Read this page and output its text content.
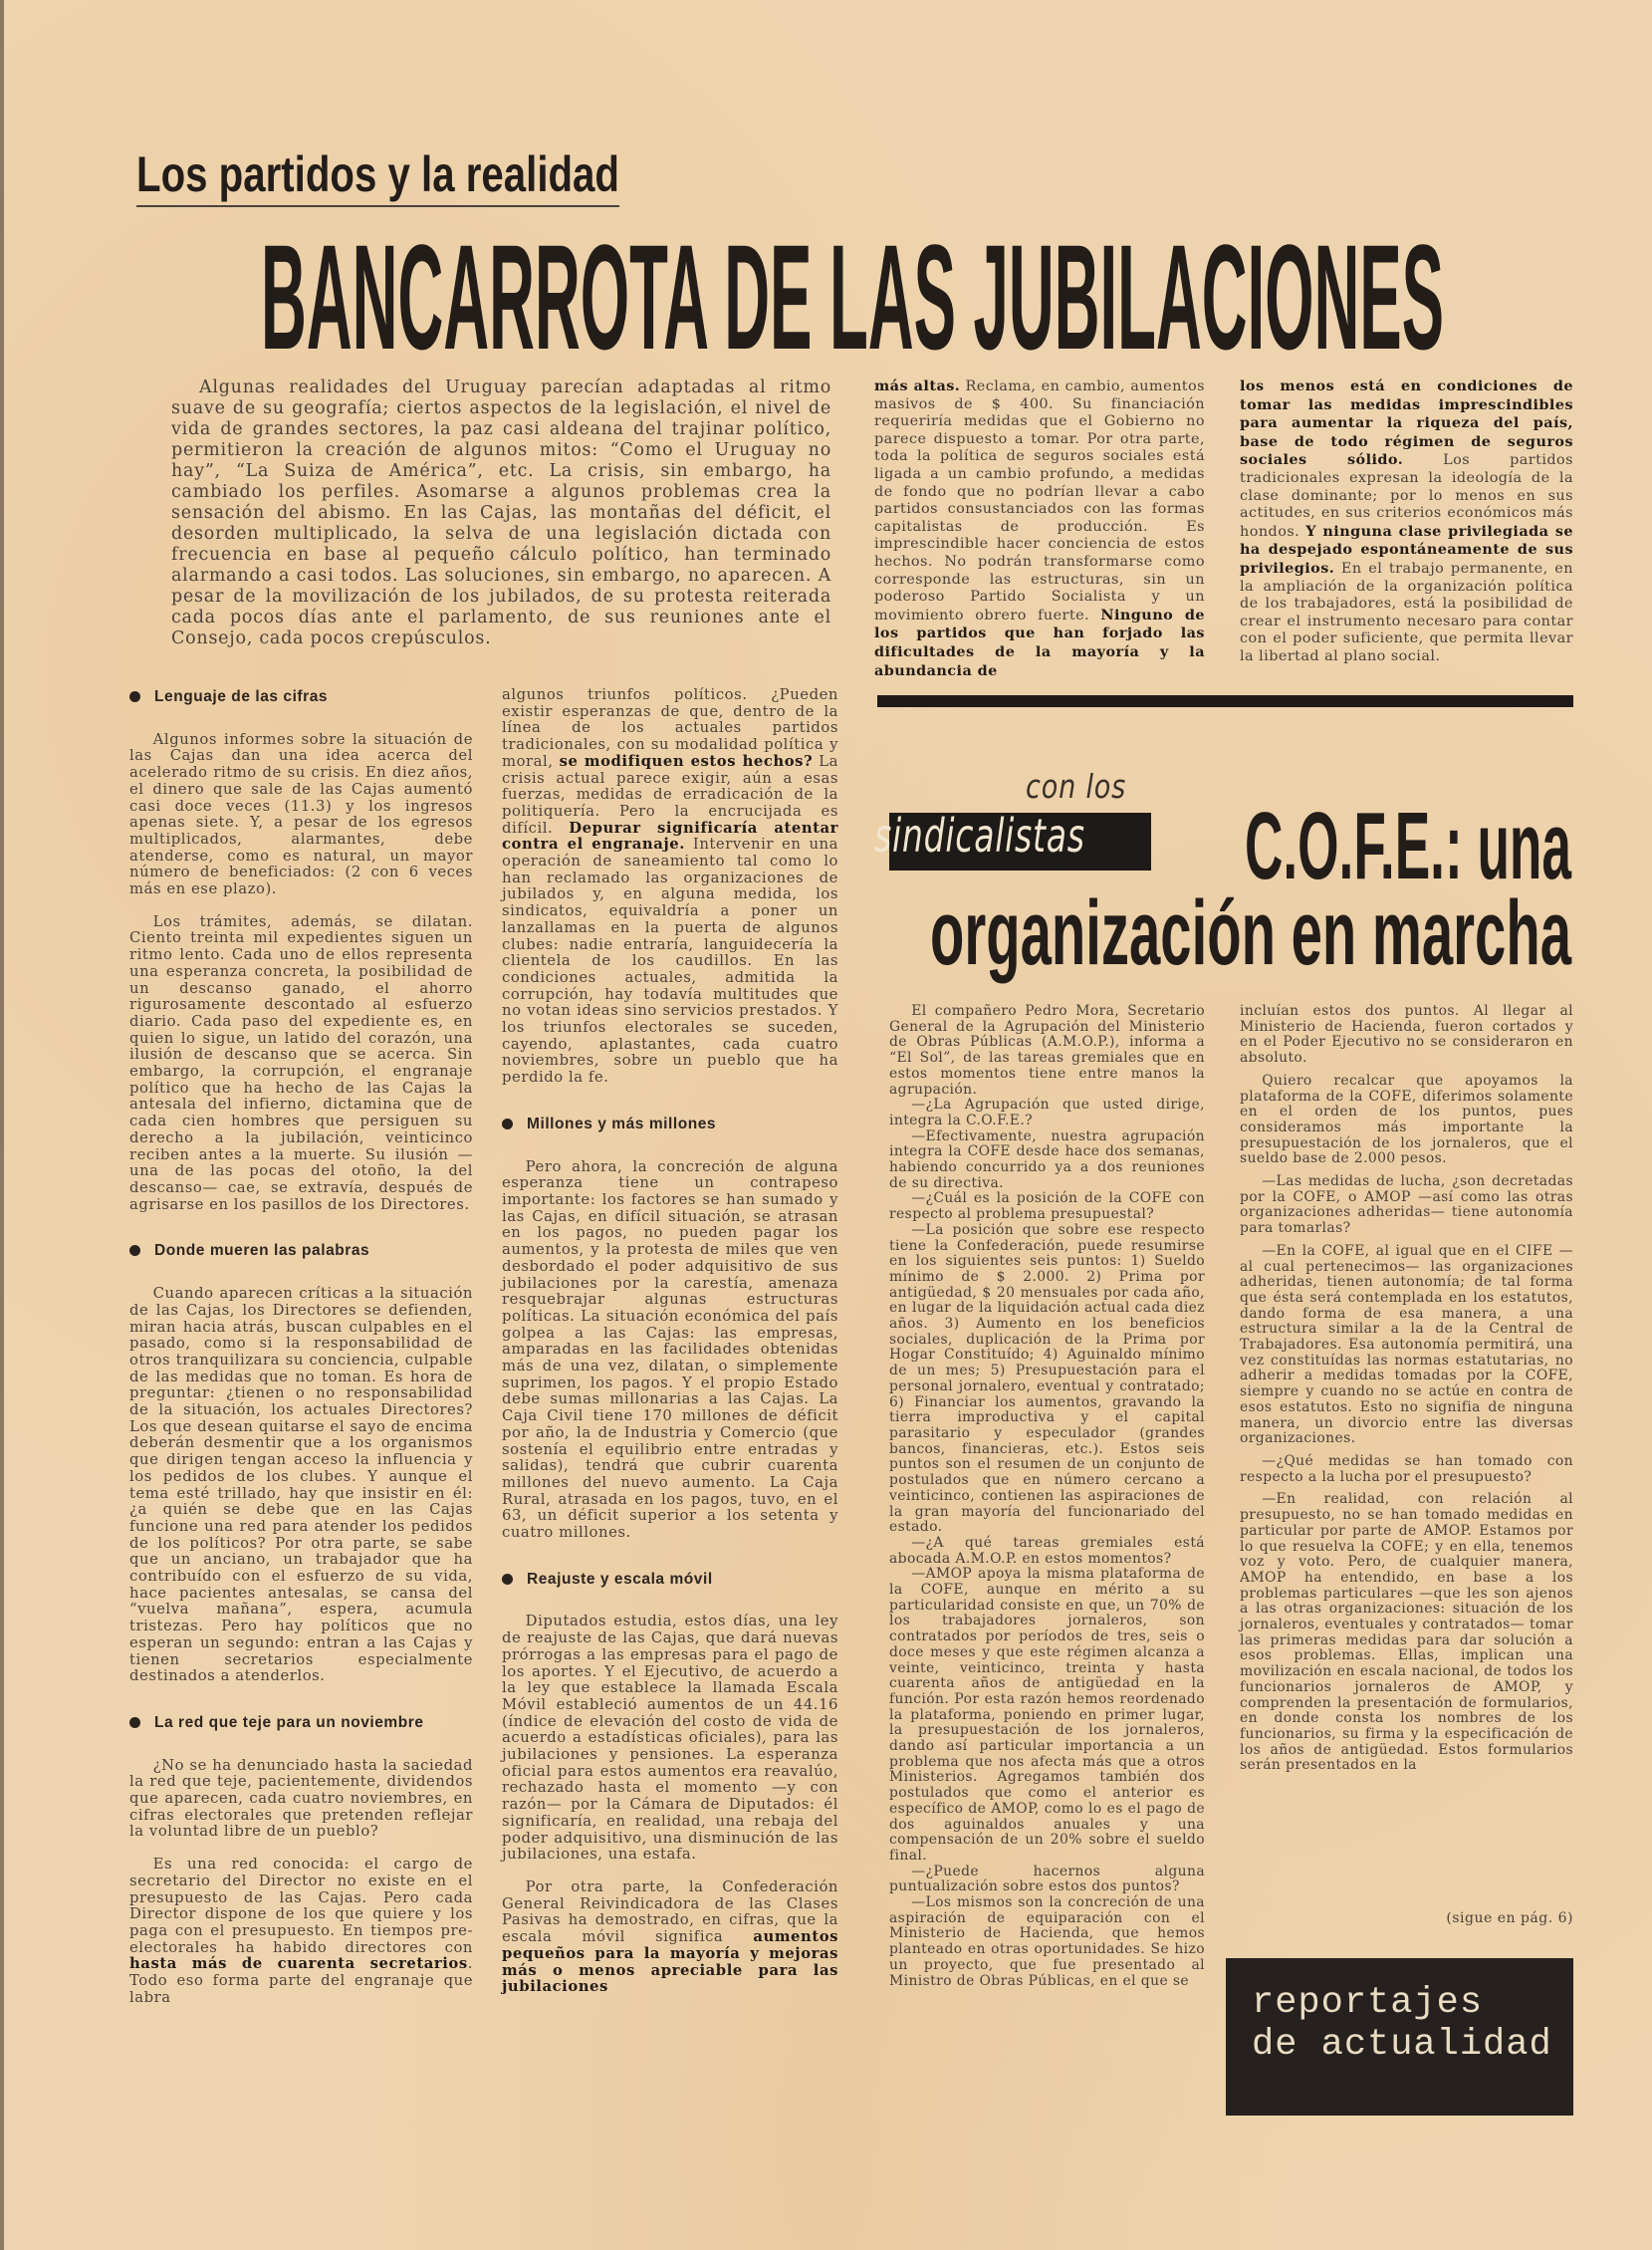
Los partidos y la realidad
BANCARROTA DE LAS JUBILACIONES

Algunas realidades del Uruguay parecían adaptadas al ritmo suave de su geografía; ciertos aspectos de la legislación, el nivel de vida de grandes sectores, la paz casi aldeana del trajinar político, permitieron la creación de algunos mitos: “Como el Uruguay no hay”, “La Suiza de América”, etc. La crisis, sin embargo, ha cambiado los perfiles. Asomarse a algunos problemas crea la sensación del abismo. En las Cajas, las montañas del déficit, el desorden multiplicado, la selva de una legislación dictada con frecuencia en base al pequeño cálculo político, han terminado alarmando a casi todos. Las soluciones, sin embargo, no aparecen. A pesar de la movilización de los jubilados, de su protesta reiterada cada pocos días ante el parlamento, de sus reuniones ante el Consejo, cada pocos crepúsculos.

más altas. Reclama, en cambio, aumentos masivos de $ 400. Su financiación requeriría medidas que el Gobierno no parece dispuesto a tomar. Por otra parte, toda la política de seguros sociales está ligada a un cambio profundo, a medidas de fondo que no podrían llevar a cabo partidos consustanciados con las formas capitalistas de producción. Es imprescindible hacer conciencia de estos hechos. No podrán transformarse como corresponde las estructuras, sin un poderoso Partido Socialista y un movimiento obrero fuerte. Ninguno de los partidos que han forjado las dificultades de la mayoría y la abundancia de

los menos está en condiciones de tomar las medidas imprescindibles para aumentar la riqueza del país, base de todo régimen de seguros sociales sólido. Los partidos tradicionales expresan la ideología de la clase dominante; por lo menos en sus actitudes, en sus criterios económicos más hondos. Y ninguna clase privilegiada se ha despejado espontáneamente de sus privilegios. En el trabajo permanente, en la ampliación de la organización política de los trabajadores, está la posibilidad de crear el instrumento necesaro para contar con el poder suficiente, que permita llevar la libertad al plano social.

Lenguaje de las cifras

Algunos informes sobre la situación de las Cajas dan una idea acerca del acelerado ritmo de su crisis. En diez años, el dinero que sale de las Cajas aumentó casi doce veces (11.3) y los ingresos apenas siete. Y, a pesar de los egresos multiplicados, alarmantes, debe atenderse, como es natural, un mayor número de beneficiados: (2 con 6 veces más en ese plazo).

Los trámites, además, se dilatan. Ciento treinta mil expedientes siguen un ritmo lento. Cada uno de ellos representa una esperanza concreta, la posibilidad de un descanso ganado, el ahorro rigurosamente descontado al esfuerzo diario. Cada paso del expediente es, en quien lo sigue, un latido del corazón, una ilusión de descanso que se acerca. Sin embargo, la corrupción, el engranaje político que ha hecho de las Cajas la antesala del infierno, dictamina que de cada cien hombres que persiguen su derecho a la jubilación, veinticinco reciben antes a la muerte. Su ilusión —una de las pocas del otoño, la del descanso— cae, se extravía, después de agrisarse en los pasillos de los Directores.

Donde mueren las palabras

Cuando aparecen críticas a la situación de las Cajas, los Directores se defienden, miran hacia atrás, buscan culpables en el pasado, como si la responsabilidad de otros tranquilizara su conciencia, culpable de las medidas que no toman. Es hora de preguntar: ¿tienen o no responsabilidad de la situación, los actuales Directores? Los que desean quitarse el sayo de encima deberán desmentir que a los organismos que dirigen tengan acceso la influencia y los pedidos de los clubes. Y aunque el tema esté trillado, hay que insistir en él: ¿a quién se debe que en las Cajas funcione una red para atender los pedidos de los políticos? Por otra parte, se sabe que un anciano, un trabajador que ha contribuído con el esfuerzo de su vida, hace pacientes antesalas, se cansa del “vuelva mañana”, espera, acumula tristezas. Pero hay políticos que no esperan un segundo: entran a las Cajas y tienen secretarios especialmente destinados a atenderlos.

La red que teje para un noviembre

¿No se ha denunciado hasta la saciedad la red que teje, pacientemente, dividendos que aparecen, cada cuatro noviembres, en cifras electorales que pretenden reflejar la voluntad libre de un pueblo?

Es una red conocida: el cargo de secretario del Director no existe en el presupuesto de las Cajas. Pero cada Director dispone de los que quiere y los paga con el presupuesto. En tiempos pre-electorales ha habido directores con hasta más de cuarenta secretarios. Todo eso forma parte del engranaje que labra

algunos triunfos políticos. ¿Pueden existir esperanzas de que, dentro de la línea de los actuales partidos tradicionales, con su modalidad política y moral, se modifiquen estos hechos? La crisis actual parece exigir, aún a esas fuerzas, medidas de erradicación de la politiquería. Pero la encrucijada es difícil. Depurar significaría atentar contra el engranaje. Intervenir en una operación de saneamiento tal como lo han reclamado las organizaciones de jubilados y, en alguna medida, los sindicatos, equivaldría a poner un lanzallamas en la puerta de algunos clubes: nadie entraría, languidecería la clientela de los caudillos. En las condiciones actuales, admitida la corrupción, hay todavía multitudes que no votan ideas sino servicios prestados. Y los triunfos electorales se suceden, cayendo, aplastantes, cada cuatro noviembres, sobre un pueblo que ha perdido la fe.

Millones y más millones

Pero ahora, la concreción de alguna esperanza tiene un contrapeso importante: los factores se han sumado y las Cajas, en difícil situación, se atrasan en los pagos, no pueden pagar los aumentos, y la protesta de miles que ven desbordado el poder adquisitivo de sus jubilaciones por la carestía, amenaza resquebrajar algunas estructuras políticas. La situación económica del país golpea a las Cajas: las empresas, amparadas en las facilidades obtenidas más de una vez, dilatan, o simplemente suprimen, los pagos. Y el propio Estado debe sumas millonarias a las Cajas. La Caja Civil tiene 170 millones de déficit por año, la de Industria y Comercio (que sostenía el equilibrio entre entradas y salidas), tendrá que cubrir cuarenta millones del nuevo aumento. La Caja Rural, atrasada en los pagos, tuvo, en el 63, un déficit superior a los setenta y cuatro millones.

Reajuste y escala móvil

Diputados estudia, estos días, una ley de reajuste de las Cajas, que dará nuevas prórrogas a las empresas para el pago de los aportes. Y el Ejecutivo, de acuerdo a la ley que establece la llamada Escala Móvil estableció aumentos de un 44.16 (índice de elevación del costo de vida de acuerdo a estadísticas oficiales), para las jubilaciones y pensiones. La esperanza oficial para estos aumentos era reavalúo, rechazado hasta el momento —y con razón— por la Cámara de Diputados: él significaría, en realidad, una rebaja del poder adquisitivo, una disminución de las jubilaciones, una estafa.

Por otra parte, la Confederación General Reivindicadora de las Clases Pasivas ha demostrado, en cifras, que la escala móvil significa aumentos pequeños para la mayoría y mejoras más o menos apreciable para las jubilaciones

con los
sindicalistas C.O.F.E.: una
organización en marcha

El compañero Pedro Mora, Secretario General de la Agrupación del Ministerio de Obras Públicas (A.M.O.P.), informa a “El Sol”, de las tareas gremiales que en estos momentos tiene entre manos la agrupación.

—¿La Agrupación que usted dirige, integra la C.O.F.E.?

—Efectivamente, nuestra agrupación integra la COFE desde hace dos semanas, habiendo concurrido ya a dos reuniones de su directiva.

—¿Cuál es la posición de la COFE con respecto al problema presupuestal?

—La posición que sobre ese respecto tiene la Confederación, puede resumirse en los siguientes seis puntos: 1) Sueldo mínimo de $ 2.000. 2) Prima por antigüedad, $ 20 mensuales por cada año, en lugar de la liquidación actual cada diez años. 3) Aumento en los beneficios sociales, duplicación de la Prima por Hogar Constituído; 4) Aguinaldo mínimo de un mes; 5) Presupuestación para el personal jornalero, eventual y contratado; 6) Financiar los aumentos, gravando la tierra improductiva y el capital parasitario y especulador (grandes bancos, financieras, etc.). Estos seis puntos son el resumen de un conjunto de postulados que en número cercano a veinticinco, contienen las aspiraciones de la gran mayoría del funcionariado del estado.

—¿A qué tareas gremiales está abocada A.M.O.P. en estos momentos?

—AMOP apoya la misma plataforma de la COFE, aunque en mérito a su particularidad consiste en que, un 70% de los trabajadores jornaleros, son contratados por períodos de tres, seis o doce meses y que este régimen alcanza a veinte, veinticinco, treinta y hasta cuarenta años de antigüedad en la función. Por esta razón hemos reordenado la plataforma, poniendo en primer lugar, la presupuestación de los jornaleros, dando así particular importancia a un problema que nos afecta más que a otros Ministerios. Agregamos también dos postulados que como el anterior es específico de AMOP, como lo es el pago de dos aguinaldos anuales y una compensación de un 20% sobre el sueldo final.

—¿Puede hacernos alguna puntualización sobre estos dos puntos?

—Los mismos son la concreción de una aspiración de equiparación con el Ministerio de Hacienda, que hemos planteado en otras oportunidades. Se hizo un proyecto, que fue presentado al Ministro de Obras Públicas, en el que se

incluían estos dos puntos. Al llegar al Ministerio de Hacienda, fueron cortados y en el Poder Ejecutivo no se consideraron en absoluto.

Quiero recalcar que apoyamos la plataforma de la COFE, diferimos solamente en el orden de los puntos, pues consideramos más importante la presupuestación de los jornaleros, que el sueldo base de 2.000 pesos.

—Las medidas de lucha, ¿son decretadas por la COFE, o AMOP —así como las otras organizaciones adheridas— tiene autonomía para tomarlas?

—En la COFE, al igual que en el CIFE —al cual pertenecimos— las organizaciones adheridas, tienen autonomía; de tal forma que ésta será contemplada en los estatutos, dando forma de esa manera, a una estructura similar a la de la Central de Trabajadores. Esa autonomía permitirá, una vez constituídas las normas estatutarias, no adherir a medidas tomadas por la COFE, siempre y cuando no se actúe en contra de esos estatutos. Esto no signifia de ninguna manera, un divorcio entre las diversas organizaciones.

—¿Qué medidas se han tomado con respecto a la lucha por el presupuesto?

—En realidad, con relación al presupuesto, no se han tomado medidas en particular por parte de AMOP. Estamos por lo que resuelva la COFE; y en ella, tenemos voz y voto. Pero, de cualquier manera, AMOP ha entendido, en base a los problemas particulares —que les son ajenos a las otras organizaciones: situación de los jornaleros, eventuales y contratados— tomar las primeras medidas para dar solución a esos problemas. Ellas, implican una movilización en escala nacional, de todos los funcionarios jornaleros de AMOP, y comprenden la presentación de formularios, en donde consta los nombres de los funcionarios, su firma y la especificación de los años de antigüedad. Estos formularios serán presentados en la

(sigue en pág. 6)
reportajes
de actualidad
